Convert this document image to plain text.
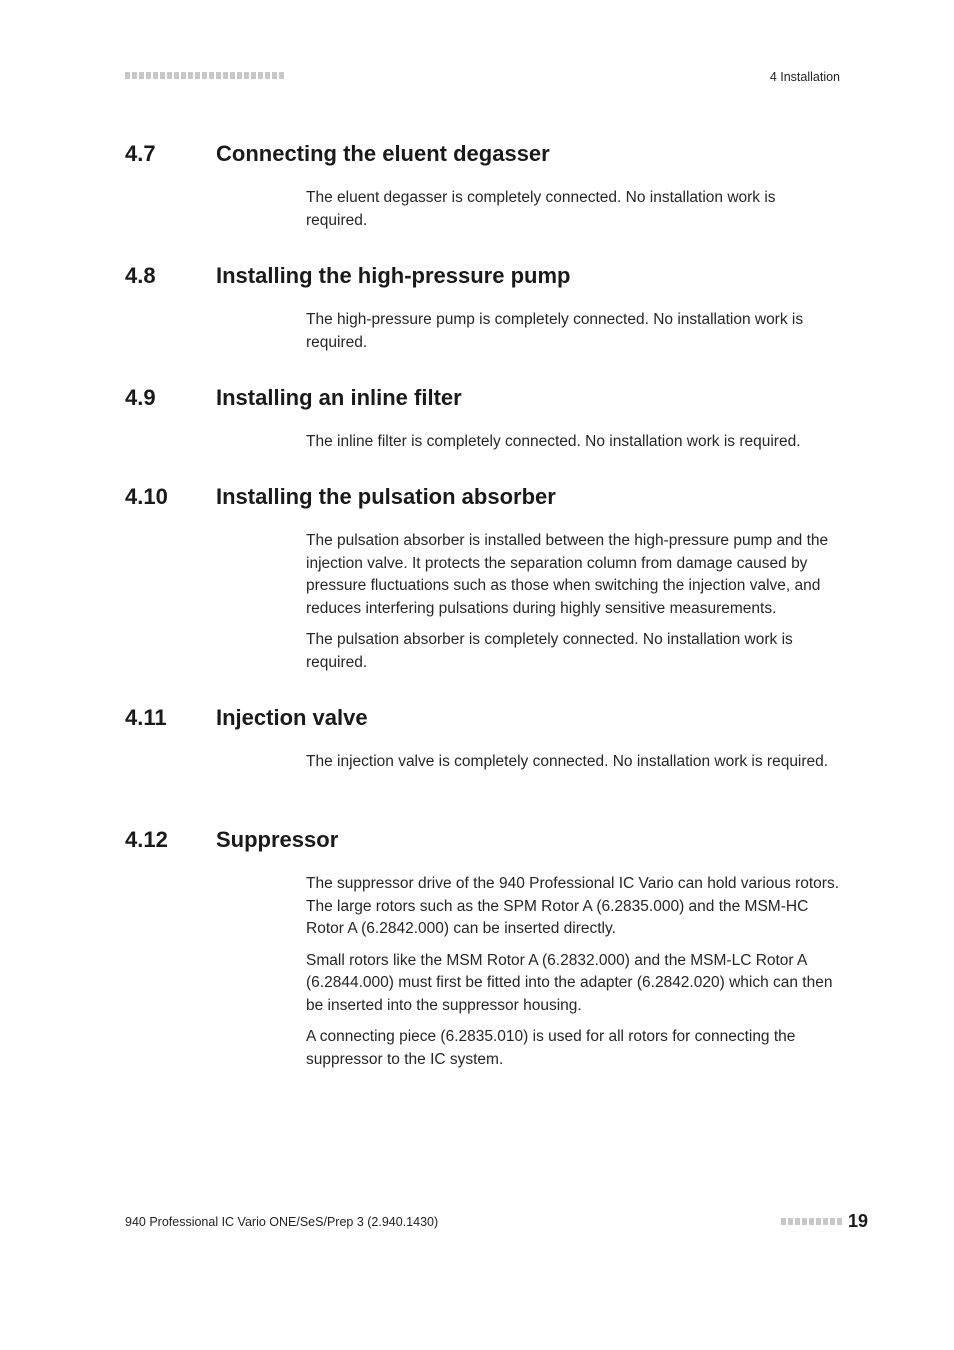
4 Installation
4.7	Connecting the eluent degasser

The eluent degasser is completely connected. No installation work is required.

4.8	Installing the high-pressure pump

The high-pressure pump is completely connected. No installation work is required.

4.9	Installing an inline filter

The inline filter is completely connected. No installation work is required.

4.10	Installing the pulsation absorber

The pulsation absorber is installed between the high-pressure pump and the injection valve. It protects the separation column from damage caused by pressure fluctuations such as those when switching the injection valve, and reduces interfering pulsations during highly sensitive measurements.

The pulsation absorber is completely connected. No installation work is required.

4.11	Injection valve

The injection valve is completely connected. No installation work is required.

4.12	Suppressor

The suppressor drive of the 940 Professional IC Vario can hold various rotors. The large rotors such as the SPM Rotor A (6.2835.000) and the MSM-HC Rotor A (6.2842.000) can be inserted directly.

Small rotors like the MSM Rotor A (6.2832.000) and the MSM-LC Rotor A (6.2844.000) must first be fitted into the adapter (6.2842.020) which can then be inserted into the suppressor housing.

A connecting piece (6.2835.010) is used for all rotors for connecting the suppressor to the IC system.

940 Professional IC Vario ONE/SeS/Prep 3 (2.940.1430)	19
